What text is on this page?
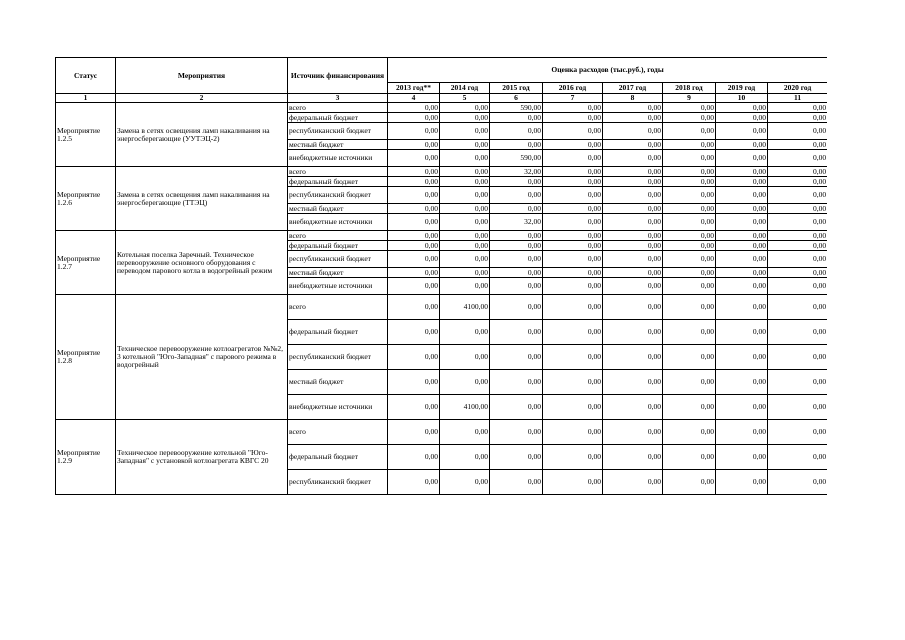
Статус	Мероприятия	Источник финансирования	Оценка расходов (тыс.руб.), годы							
			2013 год**	2014 год	2015 год	2016 год	2017 год	2018 год	2019 год	2020 год
1	2	3	4	5	6	7	8	9	10	11
Мероприятие 1.2.5	Замена в сетях освещения ламп накаливания на энергосберегающие (УУТЭЦ-2)	всего	0,00	0,00	590,00	0,00	0,00	0,00	0,00	0,00
		федеральный бюджет	0,00	0,00	0,00	0,00	0,00	0,00	0,00	0,00
		республиканский бюджет	0,00	0,00	0,00	0,00	0,00	0,00	0,00	0,00
		местный бюджет	0,00	0,00	0,00	0,00	0,00	0,00	0,00	0,00
		внебюджетные источники	0,00	0,00	590,00	0,00	0,00	0,00	0,00	0,00
Мероприятие 1.2.6	Замена в сетях освещения ламп накаливания на энергосберегающие (ТТЭЦ)	всего	0,00	0,00	32,00	0,00	0,00	0,00	0,00	0,00
		федеральный бюджет	0,00	0,00	0,00	0,00	0,00	0,00	0,00	0,00
		республиканский бюджет	0,00	0,00	0,00	0,00	0,00	0,00	0,00	0,00
		местный бюджет	0,00	0,00	0,00	0,00	0,00	0,00	0,00	0,00
		внебюджетные источники	0,00	0,00	32,00	0,00	0,00	0,00	0,00	0,00
Мероприятие 1.2.7	Котельная поселка Заречный. Техническое перевооружение основного оборудования с переводом парового котла в водогрейный режим	всего	0,00	0,00	0,00	0,00	0,00	0,00	0,00	0,00
		федеральный бюджет	0,00	0,00	0,00	0,00	0,00	0,00	0,00	0,00
		республиканский бюджет	0,00	0,00	0,00	0,00	0,00	0,00	0,00	0,00
		местный бюджет	0,00	0,00	0,00	0,00	0,00	0,00	0,00	0,00
		внебюджетные источники	0,00	0,00	0,00	0,00	0,00	0,00	0,00	0,00
Мероприятие 1.2.8	Техническое перевооружение котлоагрегатов №№2, 3 котельной "Юго-Западная" с парового режима в водогрейный	всего	0,00	4100,00	0,00	0,00	0,00	0,00	0,00	0,00
		федеральный бюджет	0,00	0,00	0,00	0,00	0,00	0,00	0,00	0,00
		республиканский бюджет	0,00	0,00	0,00	0,00	0,00	0,00	0,00	0,00
		местный бюджет	0,00	0,00	0,00	0,00	0,00	0,00	0,00	0,00
		внебюджетные источники	0,00	4100,00	0,00	0,00	0,00	0,00	0,00	0,00
Мероприятие 1.2.9	Техническое перевооружение котельной "Юго-Западная" с установкой котлоагрегата КВГС 20	всего	0,00	0,00	0,00	0,00	0,00	0,00	0,00	0,00
		федеральный бюджет	0,00	0,00	0,00	0,00	0,00	0,00	0,00	0,00
		республиканский бюджет	0,00	0,00	0,00	0,00	0,00	0,00	0,00	0,00
